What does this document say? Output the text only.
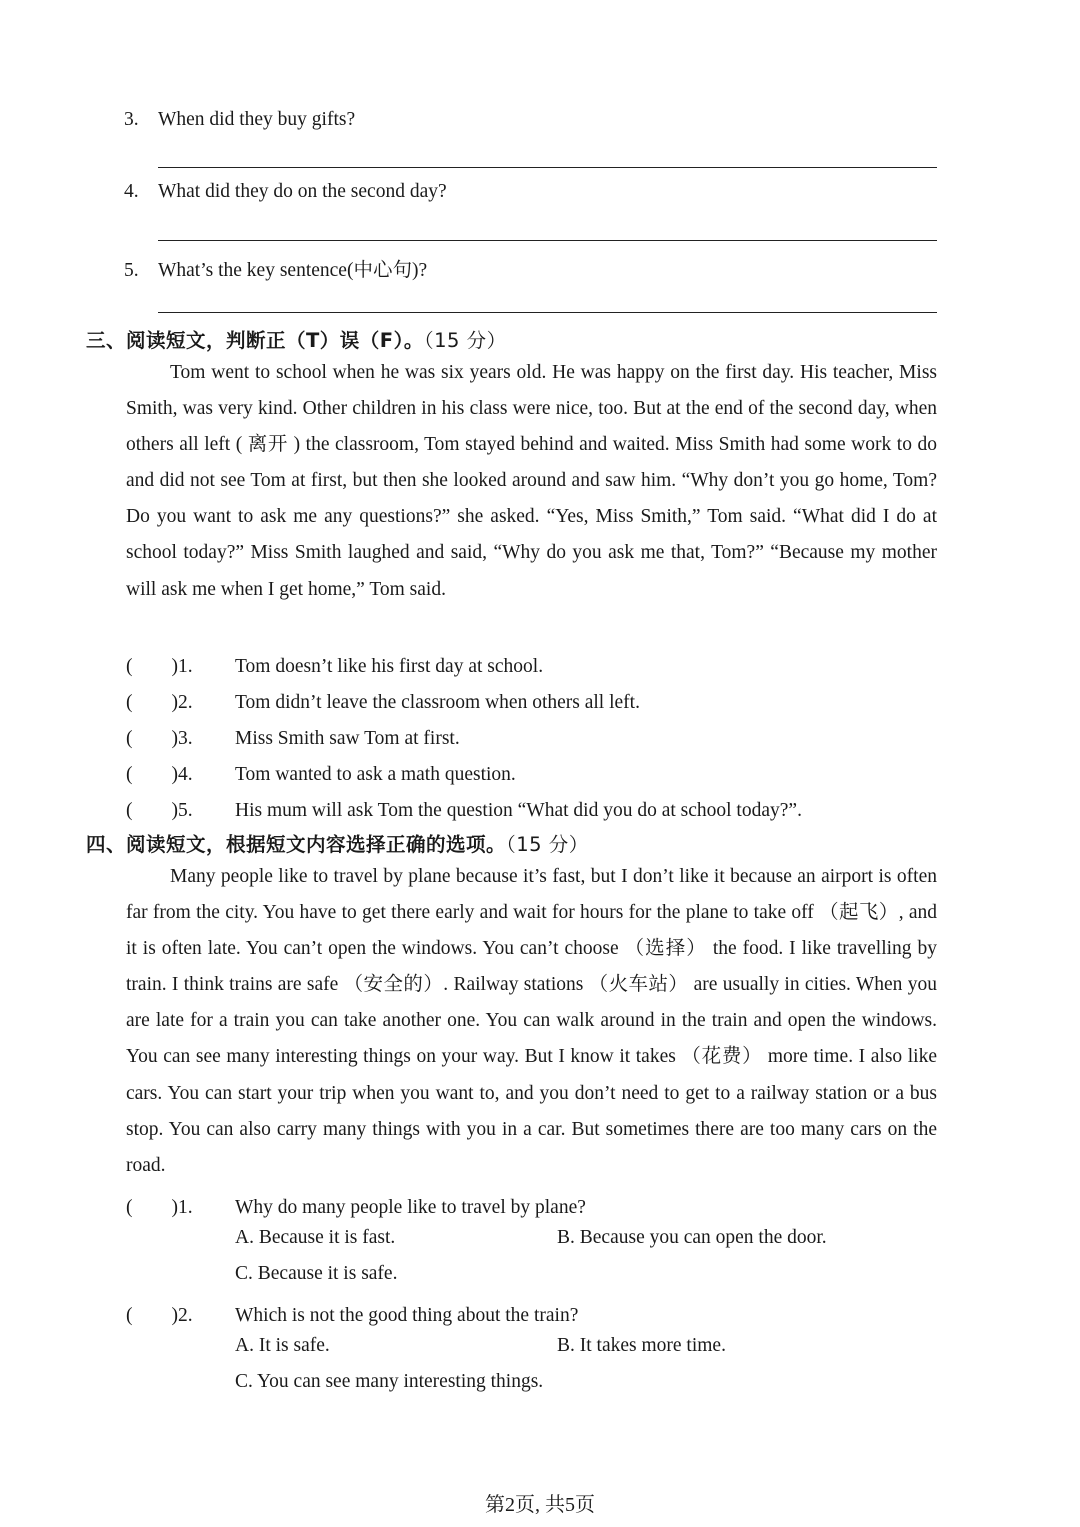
3. When did they buy gifts?
4. What did they do on the second day?
5. What’s the key sentence(中心句)?
三、阅读短文，判断正（T）误（F）。（15 分）

Tom went to school when he was six years old. He was happy on the first day. His teacher, Miss Smith, was very kind. Other children in his class were nice, too. But at the end of the second day, when others all left ( 离开 ) the classroom, Tom stayed behind and waited. Miss Smith had some work to do and did not see Tom at first, but then she looked around and saw him. “Why don’t you go home, Tom? Do you want to ask me any questions?” she asked. “Yes, Miss Smith,” Tom said. “What did I do at school today?” Miss Smith laughed and said, “Why do you ask me that, Tom?” “Because my mother will ask me when I get home,” Tom said.

(　　)1. Tom doesn’t like his first day at school.
(　　)2. Tom didn’t leave the classroom when others all left.
(　　)3. Miss Smith saw Tom at first.
(　　)4. Tom wanted to ask a math question.
(　　)5. His mum will ask Tom the question “What did you do at school today?”.
四、阅读短文，根据短文内容选择正确的选项。（15 分）

Many people like to travel by plane because it’s fast, but I don’t like it because an airport is often far from the city. You have to get there early and wait for hours for the plane to take off （起飞）, and it is often late. You can’t open the windows. You can’t choose （选择） the food. I like travelling by train. I think trains are safe （安全的）. Railway stations （火车站） are usually in cities. When you are late for a train you can take another one. You can walk around in the train and open the windows. You can see many interesting things on your way. But I know it takes （花费） more time. I also like cars. You can start your trip when you want to, and you don’t need to get to a railway station or a bus stop. You can also carry many things with you in a car. But sometimes there are too many cars on the road.

(　　)1. Why do many people like to travel by plane?
A. Because it is fast.	B. Because you can open the door.
C. Because it is safe.
(　　)2. Which is not the good thing about the train?
A. It is safe.	B. It takes more time.
C. You can see many interesting things.
第2页, 共5页
